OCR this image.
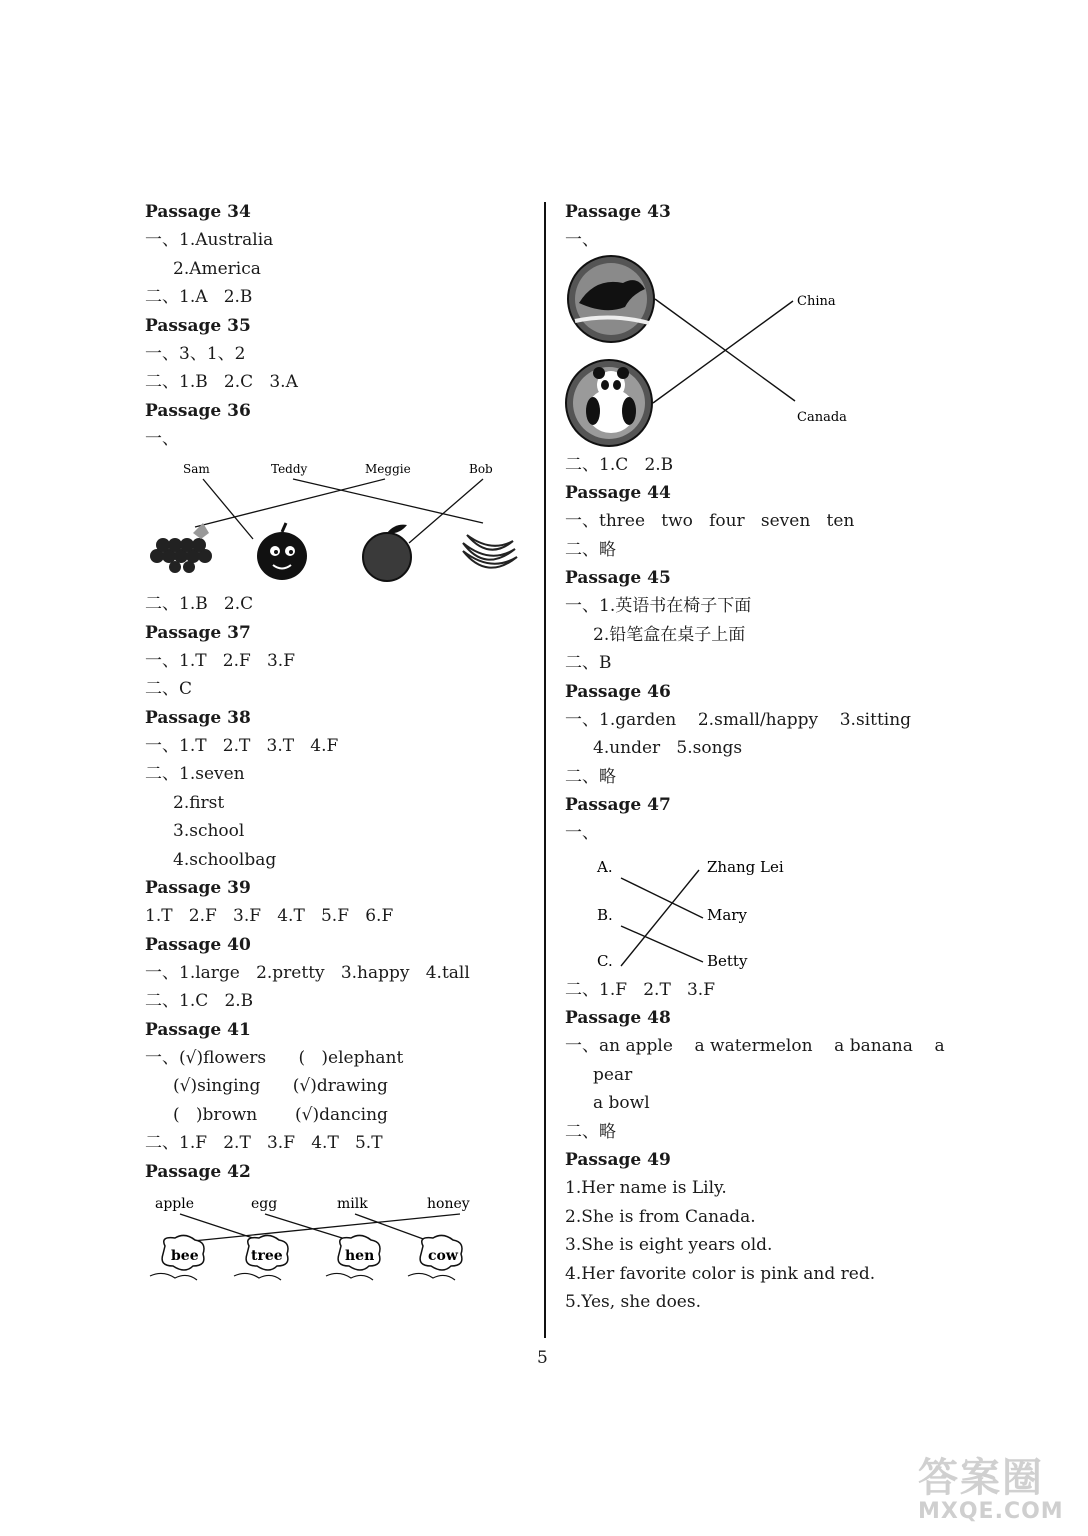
Passage 34
一、1.Australia
2.America
二、1.A   2.B
Passage 35
一、3、1、2
二、1.B   2.C   3.A
Passage 36
一、
Sam	Teddy	Meggie	Bob
二、1.B   2.C
Passage 37
一、1.T   2.F   3.F
二、C
Passage 38
一、1.T   2.T   3.T   4.F
二、1.seven
2.first
3.school
4.schoolbag
Passage 39
1.T   2.F   3.F   4.T   5.F   6.F
Passage 40
一、1.large   2.pretty   3.happy   4.tall
二、1.C   2.B
Passage 41
一、(√)flowers      (   )elephant
(√)singing      (√)drawing
(   )brown       (√)dancing
二、1.F   2.T   3.F   4.T   5.T
Passage 42
apple	egg	milk	honey
bee	tree	hen	cow
Passage 43
一、
China
Canada
二、1.C   2.B
Passage 44
一、three   two   four   seven   ten
二、略
Passage 45
一、1.英语书在椅子下面
2.铅笔盒在桌子上面
二、B
Passage 46
一、1.garden    2.small/happy    3.sitting
4.under   5.songs
二、略
Passage 47
一、
A.
B.
C.
Zhang Lei
Mary
Betty
二、1.F   2.T   3.F
Passage 48
一、an apple    a watermelon    a banana    a
pear
a bowl
二、略
Passage 49
1.Her name is Lily.
2.She is from Canada.
3.She is eight years old.
4.Her favorite color is pink and red.
5.Yes, she does.
5
答案圈
MXQE.COM
